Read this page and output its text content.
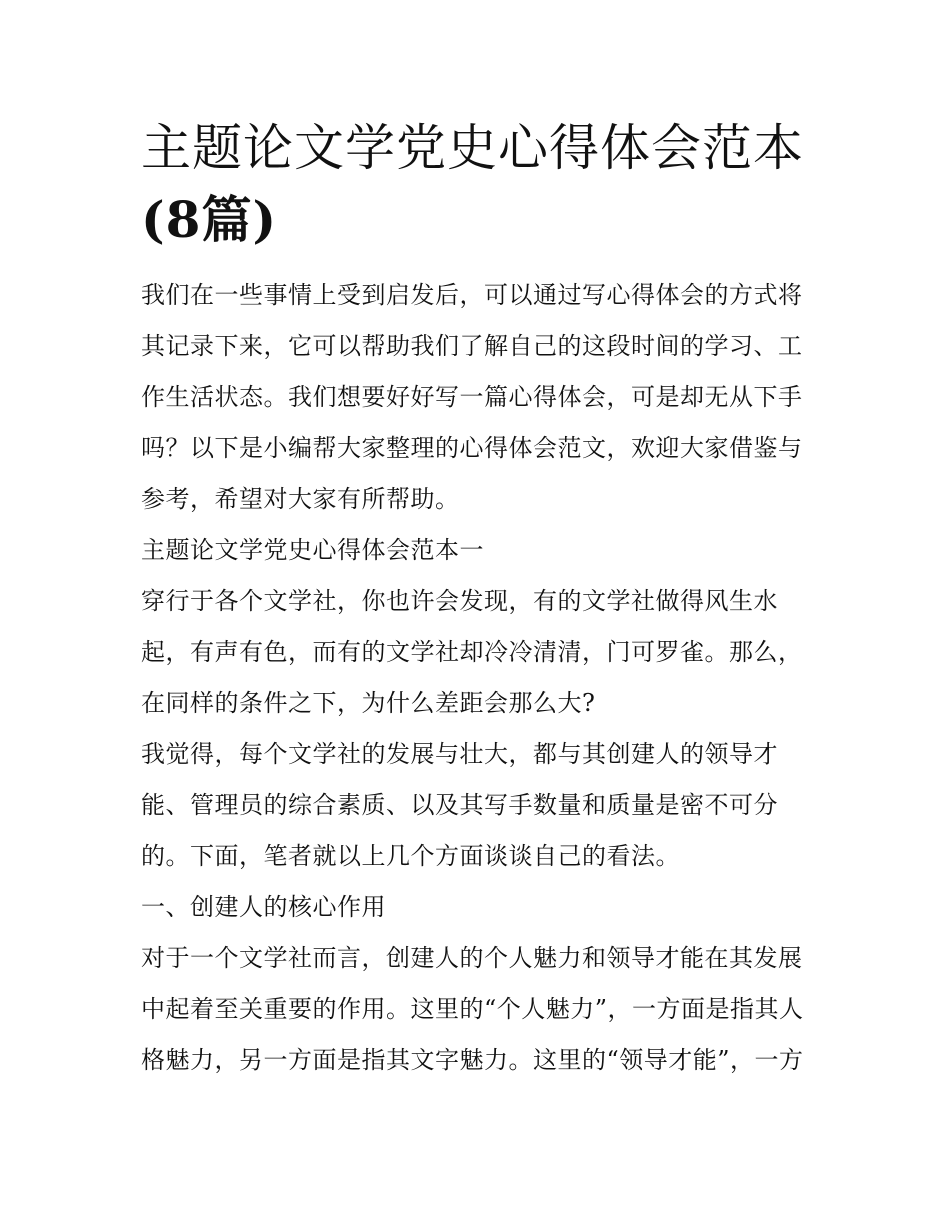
主题论文学党史心得体会范本
(8篇)

我们在一些事情上受到启发后，可以通过写心得体会的方式将其记录下来，它可以帮助我们了解自己的这段时间的学习、工作生活状态。我们想要好好写一篇心得体会，可是却无从下手吗？以下是小编帮大家整理的心得体会范文，欢迎大家借鉴与参考，希望对大家有所帮助。

主题论文学党史心得体会范本一

穿行于各个文学社，你也许会发现，有的文学社做得风生水起，有声有色，而有的文学社却冷冷清清，门可罗雀。那么，在同样的条件之下，为什么差距会那么大?

我觉得，每个文学社的发展与壮大，都与其创建人的领导才能、管理员的综合素质、以及其写手数量和质量是密不可分的。下面，笔者就以上几个方面谈谈自己的看法。

一、创建人的核心作用

对于一个文学社而言，创建人的个人魅力和领导才能在其发展中起着至关重要的作用。这里的“个人魅力”，一方面是指其人格魅力，另一方面是指其文字魅力。这里的“领导才能”，一方
